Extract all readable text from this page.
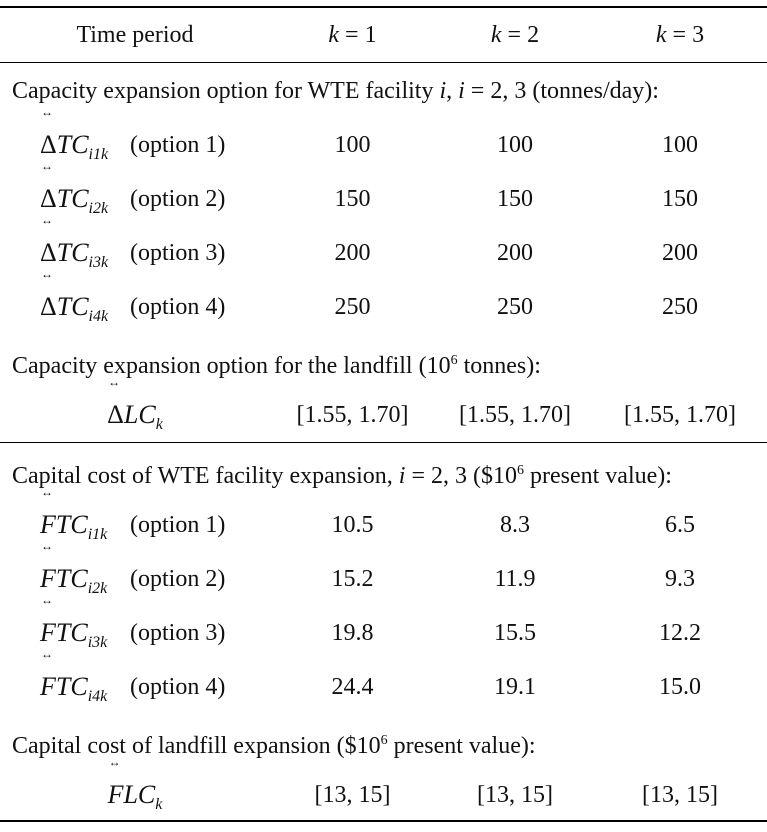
Time period	k = 1	k = 2	k = 3
Capacity expansion option for WTE facility i, i = 2, 3 (tonnes/day):
↔ $\Delta TC_{i1k}$ (option 1)	100	100	100
↔ $\Delta TC_{i2k}$ (option 2)	150	150	150
↔ $\Delta TC_{i3k}$ (option 3)	200	200	200
↔ $\Delta TC_{i4k}$ (option 4)	250	250	250
Capacity expansion option for the landfill ($10^6$ tonnes):
↔ $\Delta LC_k$	[1.55, 1.70]	[1.55, 1.70]	[1.55, 1.70]
Capital cost of WTE facility expansion, i = 2, 3 ($\$10^6$ present value):
↔ $FTC_{i1k}$ (option 1)	10.5	8.3	6.5
↔ $FTC_{i2k}$ (option 2)	15.2	11.9	9.3
↔ $FTC_{i3k}$ (option 3)	19.8	15.5	12.2
↔ $FTC_{i4k}$ (option 4)	24.4	19.1	15.0
Capital cost of landfill expansion ($\$10^6$ present value):
↔ $FLC_k$	[13, 15]	[13, 15]	[13, 15]
